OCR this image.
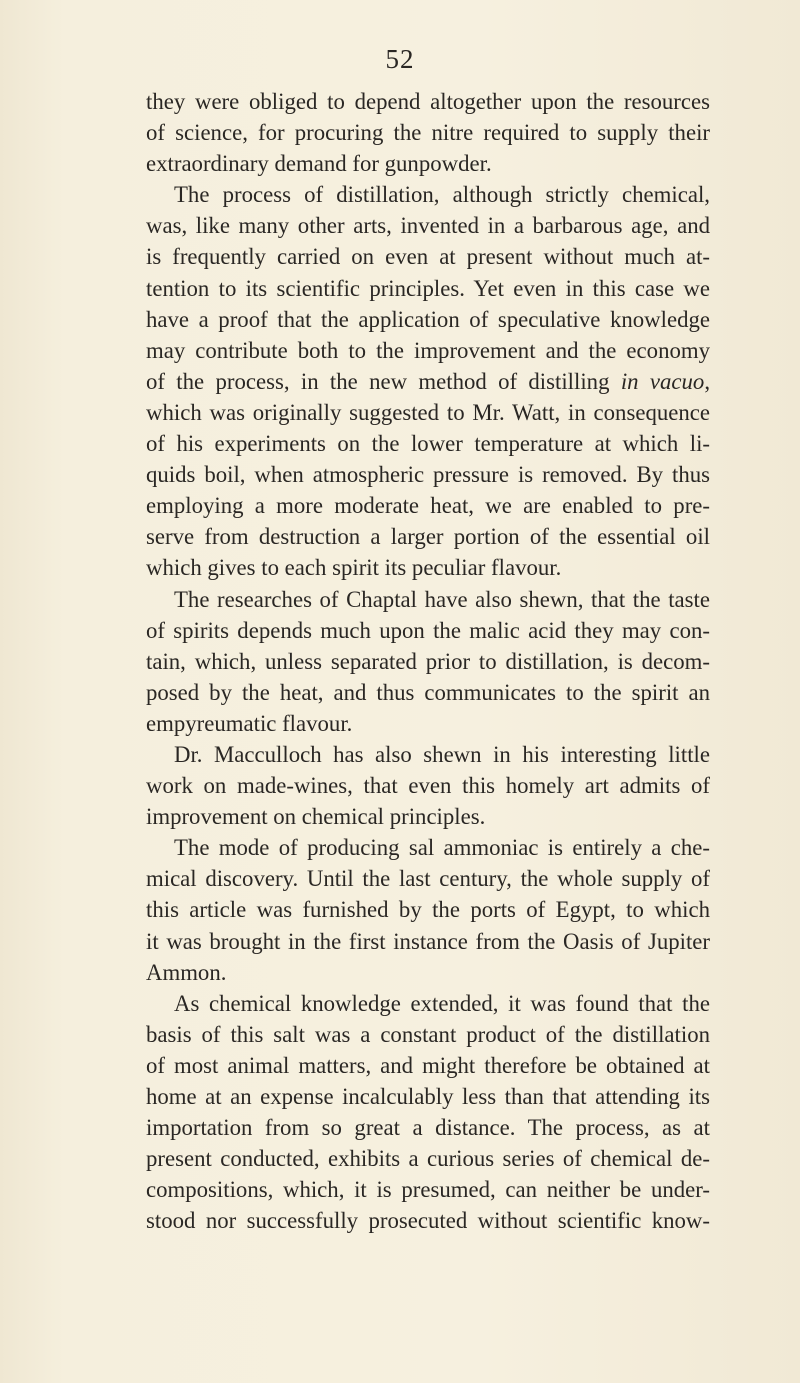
52
they were obliged to depend altogether upon the resources
of science, for procuring the nitre required to supply their
extraordinary demand for gunpowder.
The process of distillation, although strictly chemical,
was, like many other arts, invented in a barbarous age, and
is frequently carried on even at present without much at-
tention to its scientific principles. Yet even in this case we
have a proof that the application of speculative knowledge
may contribute both to the improvement and the economy
of the process, in the new method of distilling in vacuo,
which was originally suggested to Mr. Watt, in consequence
of his experiments on the lower temperature at which li-
quids boil, when atmospheric pressure is removed. By thus
employing a more moderate heat, we are enabled to pre-
serve from destruction a larger portion of the essential oil
which gives to each spirit its peculiar flavour.
The researches of Chaptal have also shewn, that the taste
of spirits depends much upon the malic acid they may con-
tain, which, unless separated prior to distillation, is decom-
posed by the heat, and thus communicates to the spirit an
empyreumatic flavour.
Dr. Macculloch has also shewn in his interesting little
work on made-wines, that even this homely art admits of
improvement on chemical principles.
The mode of producing sal ammoniac is entirely a che-
mical discovery. Until the last century, the whole supply of
this article was furnished by the ports of Egypt, to which
it was brought in the first instance from the Oasis of Jupiter
Ammon.
As chemical knowledge extended, it was found that the
basis of this salt was a constant product of the distillation
of most animal matters, and might therefore be obtained at
home at an expense incalculably less than that attending its
importation from so great a distance. The process, as at
present conducted, exhibits a curious series of chemical de-
compositions, which, it is presumed, can neither be under-
stood nor successfully prosecuted without scientific know-
